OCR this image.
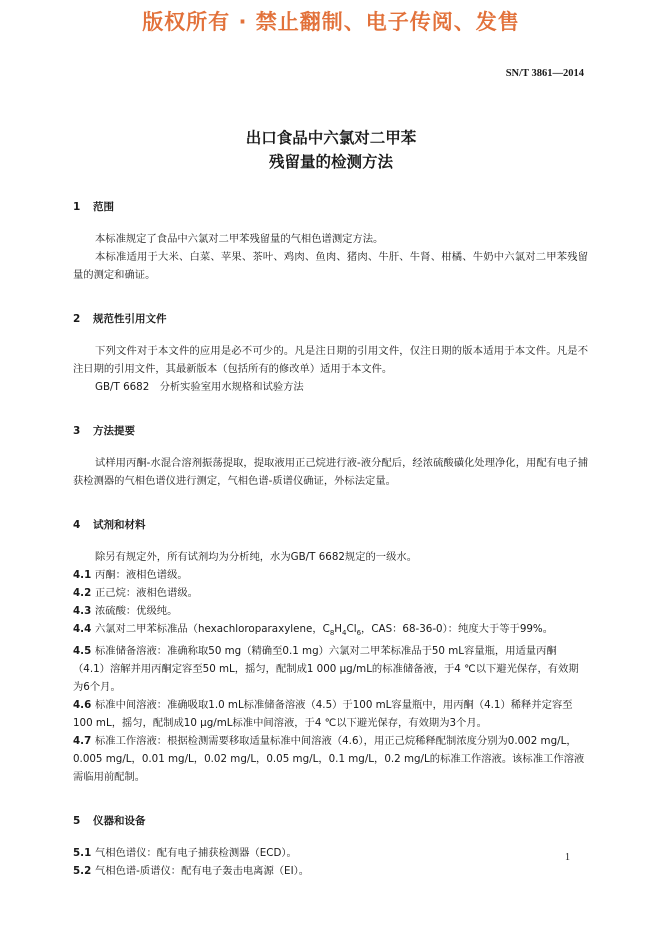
版权所有 · 禁止翻制、电子传阅、发售
SN/T 3861—2014
出口食品中六氯对二甲苯
残留量的检测方法
1 范围
本标准规定了食品中六氯对二甲苯残留量的气相色谱测定方法。
本标准适用于大米、白菜、苹果、茶叶、鸡肉、鱼肉、猪肉、牛肝、牛肾、柑橘、牛奶中六氯对二甲苯残留量的测定和确证。
2 规范性引用文件
下列文件对于本文件的应用是必不可少的。凡是注日期的引用文件，仅注日期的版本适用于本文件。凡是不注日期的引用文件，其最新版本（包括所有的修改单）适用于本文件。
GB/T 6682　分析实验室用水规格和试验方法
3 方法提要
试样用丙酮-水混合溶剂振荡提取，提取液用正己烷进行液-液分配后，经浓硫酸磺化处理净化，用配有电子捕获检测器的气相色谱仪进行测定，气相色谱-质谱仪确证，外标法定量。
4 试剂和材料
除另有规定外，所有试剂均为分析纯，水为GB/T 6682规定的一级水。
4.1 丙酮：液相色谱级。
4.2 正己烷：液相色谱级。
4.3 浓硫酸：优级纯。
4.4 六氯对二甲苯标准品（hexachloroparaxylene，$C_8H_4Cl_6$，CAS：68-36-0）：纯度大于等于99%。
4.5 标准储备溶液：准确称取50 mg（精确至0.1 mg）六氯对二甲苯标准品于50 mL容量瓶，用适量丙酮（4.1）溶解并用丙酮定容至50 mL，摇匀，配制成1 000 μg/mL的标准储备液，于4 ℃以下避光保存，有效期为6个月。
4.6 标准中间溶液：准确吸取1.0 mL标准储备溶液（4.5）于100 mL容量瓶中，用丙酮（4.1）稀释并定容至100 mL，摇匀，配制成10 μg/mL标准中间溶液，于4 ℃以下避光保存，有效期为3个月。
4.7 标准工作溶液：根据检测需要移取适量标准中间溶液（4.6），用正己烷稀释配制浓度分别为0.002 mg/L，0.005 mg/L，0.01 mg/L，0.02 mg/L，0.05 mg/L，0.1 mg/L，0.2 mg/L的标准工作溶液。该标准工作溶液需临用前配制。
5 仪器和设备
5.1 气相色谱仪：配有电子捕获检测器（ECD）。
5.2 气相色谱-质谱仪：配有电子轰击电离源（EI）。
1
